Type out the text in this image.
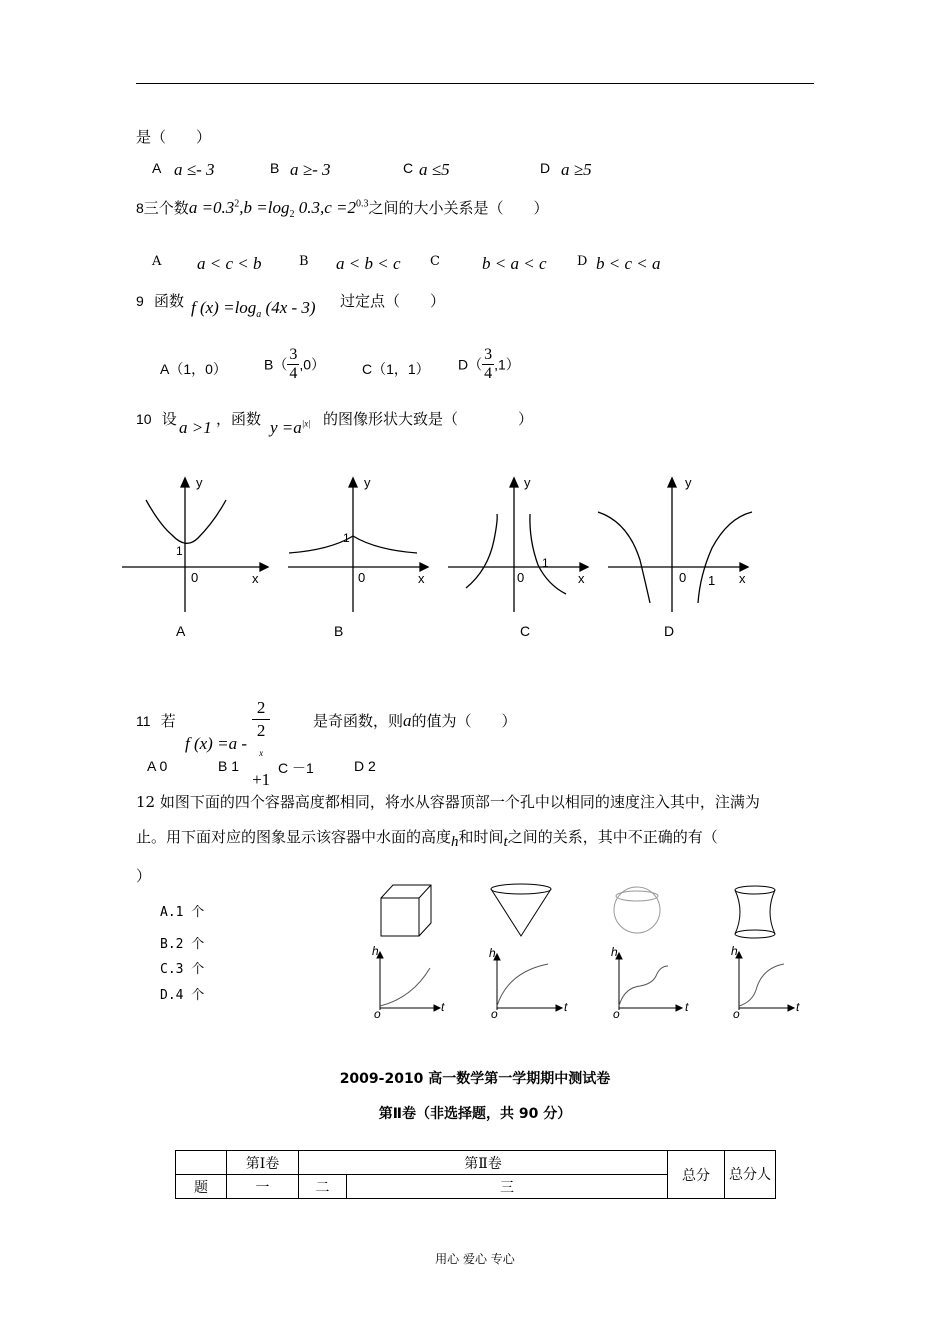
是（　　）
A a ≤- 3	B a ≥- 3	C a ≤5	D a ≥5
8三个数$a =0.3^2,b =\log_2$ $0.3,c =2^{0.3}$之间的大小关系是（　　）
A a < c < b	B a < b < c C b < a < c D b < c < a
9 函数 f $(x) =\log_a$ (4x - 3) 过定点（　　）
A（1，0）	$B( \frac{3}{4} ,0)$	C（1，1） $D( \frac{3}{4} ,1)$
10 设 a >1 ，函数 $y =a^{|x|}$ 的图像形状大致是（　　　　）
y
1
0	x
y
1
0	x
y
1
0	x
y
0 1 x
A	B	C	D
11 若
f (x) =a - 2
2
$^x$
+1	是奇函数，则a的值为（　　）
A 0	B 1	C －1	D 2
12 如图下面的四个容器高度都相同，将水从容器顶部一个孔中以相同的速度注入其中，注满为
止。用下面对应的图象显示该容器中水面的高度h和时间t之间的关系，其中不正确的有（
）
A.1 个
B.2 个
C.3 个
D.4 个
h
t
o
h
t
o
h
t
o
h
t
o
2009-2010 高一数学第一学期期中测试卷
第Ⅱ卷（非选择题，共 90 分）
	第Ⅰ卷	第Ⅱ卷		总分	总分人
题	一	二	三		
用心 爱心 专心
